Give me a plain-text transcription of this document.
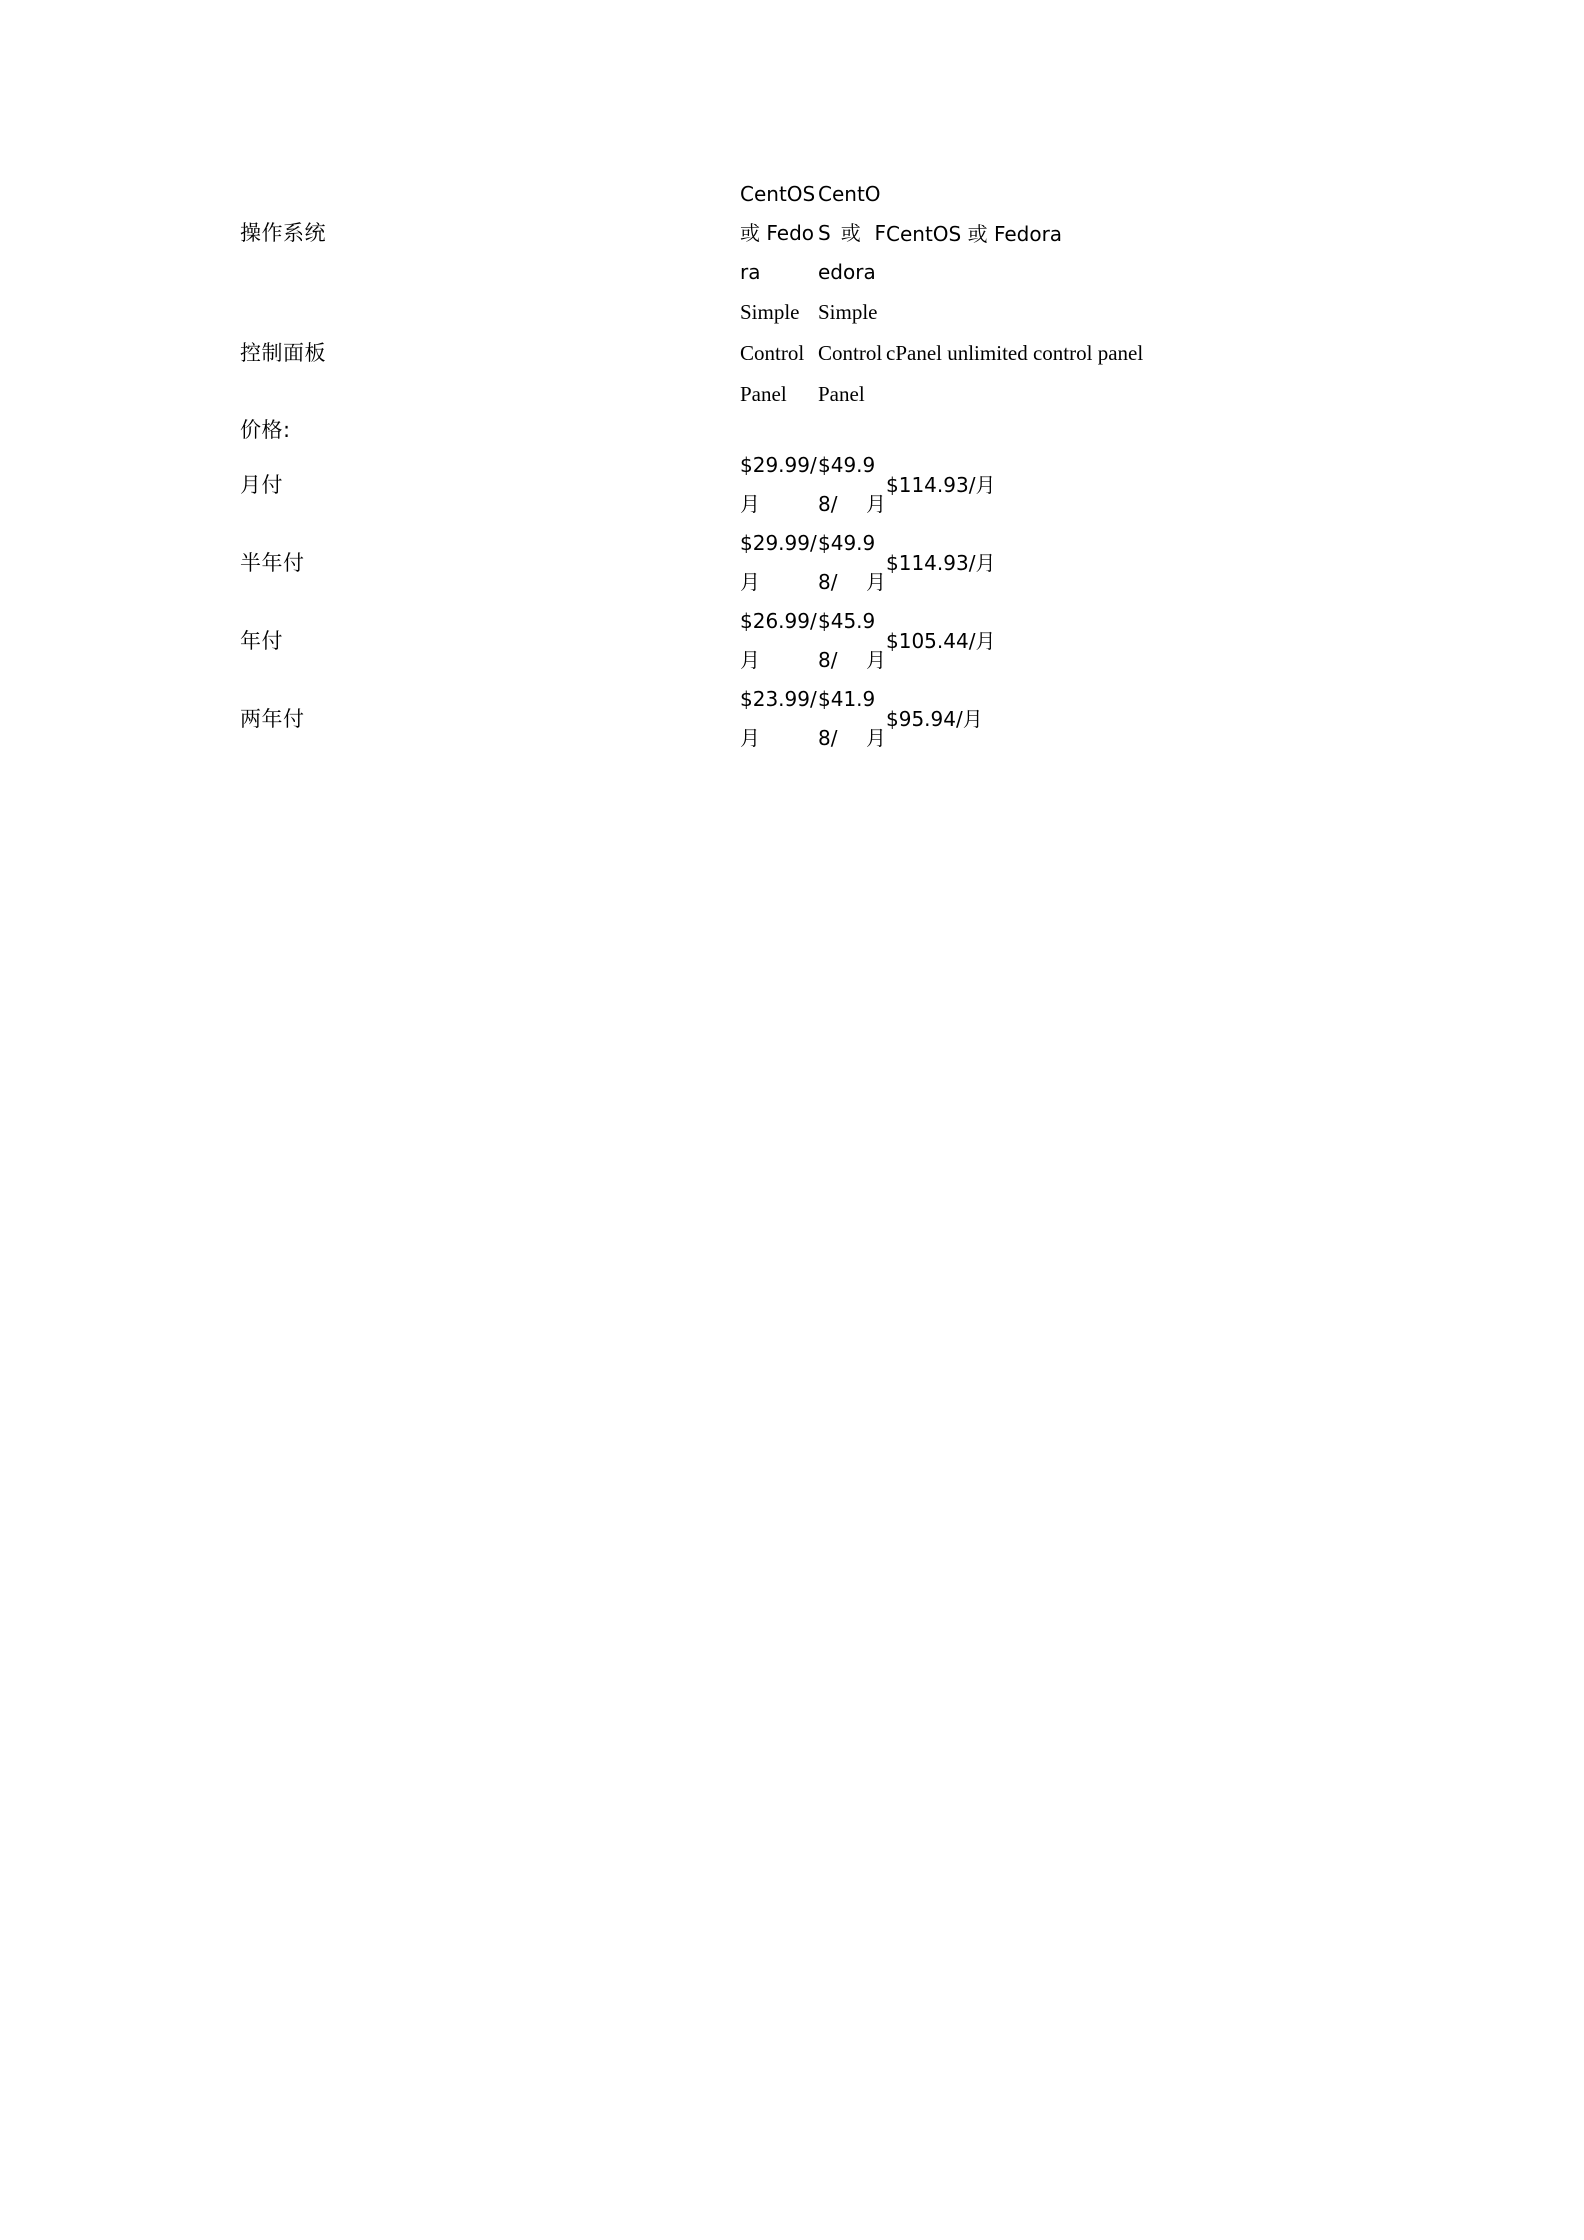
操作系统	CentOS 或 Fedora	CentOS 或 Fedora	CentOS 或 Fedora
控制面板	Simple Control Panel	Simple Control Panel	cPanel unlimited control panel
价格:			
月付	$29.99/月	$49.98/月	$114.93/月
半年付	$29.99/月	$49.98/月	$114.93/月
年付	$26.99/月	$45.98/月	$105.44/月
两年付	$23.99/月	$41.98/月	$95.94/月
